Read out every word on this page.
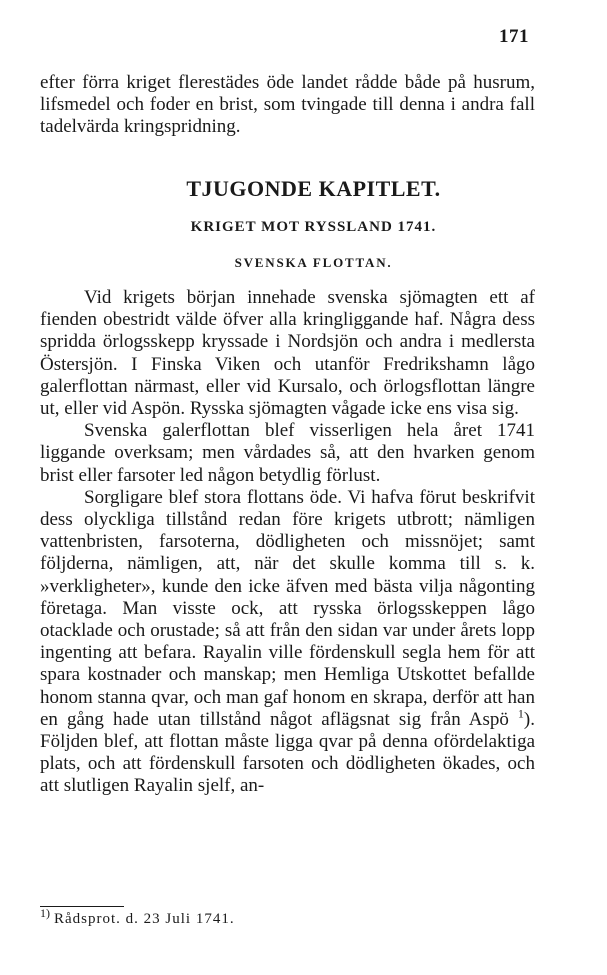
171

efter förra kriget flerestädes öde landet rådde både på husrum, lifsmedel och foder en brist, som tvingade till denna i andra fall tadelvärda kringspridning.

TJUGONDE KAPITLET.
KRIGET MOT RYSSLAND 1741.
SVENSKA FLOTTAN.

Vid krigets början innehade svenska sjömagten ett af fienden obestridt välde öfver alla kringliggande haf. Några dess spridda örlogsskepp kryssade i Nordsjön och andra i medlersta Östersjön. I Finska Viken och utanför Fredrikshamn lågo galerflottan närmast, eller vid Kursalo, och örlogsflottan längre ut, eller vid Aspön. Rysska sjömagten vågade icke ens visa sig.

Svenska galerflottan blef visserligen hela året 1741 liggande overksam; men vårdades så, att den hvarken genom brist eller farsoter led någon betydlig förlust.

Sorgligare blef stora flottans öde. Vi hafva förut beskrifvit dess olyckliga tillstånd redan före krigets utbrott; nämligen vattenbristen, farsoterna, dödligheten och missnöjet; samt följderna, nämligen, att, när det skulle komma till s. k. »verkligheter», kunde den icke äfven med bästa vilja någonting företaga. Man visste ock, att rysska örlogsskeppen lågo otacklade och orustade; så att från den sidan var under årets lopp ingenting att befara. Rayalin ville fördenskull segla hem för att spara kostnader och manskap; men Hemliga Utskottet befallde honom stanna qvar, och man gaf honom en skrapa, derför att han en gång hade utan tillstånd något aflägsnat sig från Aspö $^1$). Följden blef, att flottan måste ligga qvar på denna ofördelaktiga plats, och att fördenskull farsoten och dödligheten ökades, och att slutligen Rayalin sjelf, an-

$^{1)}$ Rådsprot. d. 23 Juli 1741.
